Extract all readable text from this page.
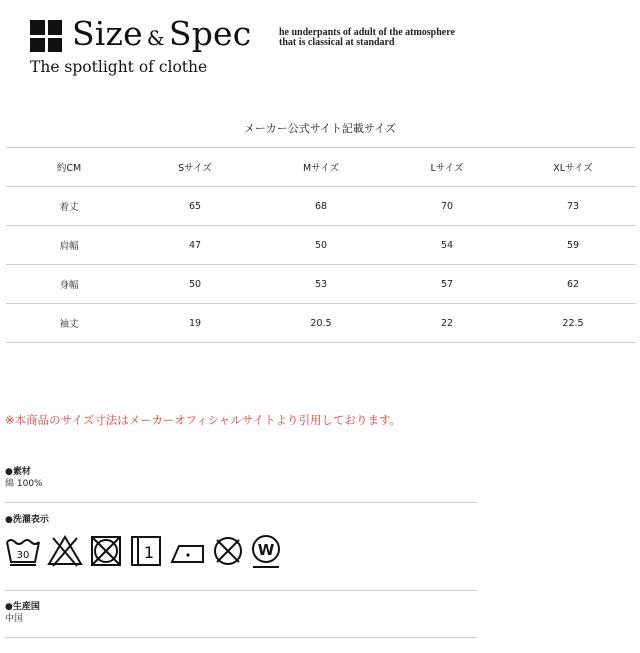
Size & Spec
The spotlight of clothe
he underpants of adult of the atmosphere
that is classical at standard
メーカー公式サイト記載サイズ
約CM	Sサイズ	Mサイズ	Lサイズ	XLサイズ
着丈	65	68	70	73
肩幅	47	50	54	59
身幅	50	53	57	62
袖丈	19	20.5	22	22.5
※本商品のサイズ寸法はメーカーオフィシャルサイトより引用しております。
●素材
綿 100%
●洗濯表示
30	1	W
●生産国
中国
